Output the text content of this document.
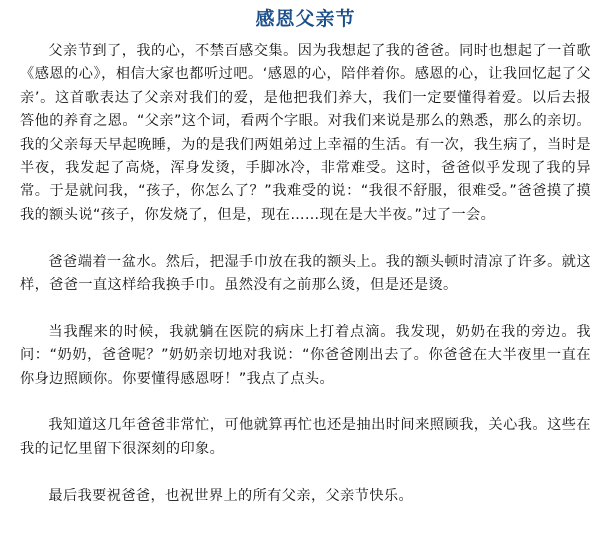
感恩父亲节

父亲节到了，我的心，不禁百感交集。因为我想起了我的爸爸。同时也想起了一首歌《感恩的心》，相信大家也都听过吧。‘感恩的心，陪伴着你。感恩的心，让我回忆起了父亲’。这首歌表达了父亲对我们的爱，是他把我们养大，我们一定要懂得着爱。以后去报答他的养育之恩。“父亲”这个词，看两个字眼。对我们来说是那么的熟悉，那么的亲切。我的父亲每天早起晚睡，为的是我们两姐弟过上幸福的生活。有一次，我生病了，当时是半夜，我发起了高烧，浑身发烫，手脚冰冷，非常难受。这时，爸爸似乎发现了我的异常。于是就问我，“孩子，你怎么了？”我难受的说：“我很不舒服，很难受。”爸爸摸了摸我的额头说“孩子，你发烧了，但是，现在……现在是大半夜。”过了一会。

爸爸端着一盆水。然后，把湿手巾放在我的额头上。我的额头顿时清凉了许多。就这样，爸爸一直这样给我换手巾。虽然没有之前那么烫，但是还是烫。

当我醒来的时候，我就躺在医院的病床上打着点滴。我发现，奶奶在我的旁边。我问：“奶奶，爸爸呢？”奶奶亲切地对我说：“你爸爸刚出去了。你爸爸在大半夜里一直在你身边照顾你。你要懂得感恩呀！”我点了点头。

我知道这几年爸爸非常忙，可他就算再忙也还是抽出时间来照顾我，关心我。这些在我的记忆里留下很深刻的印象。

最后我要祝爸爸，也祝世界上的所有父亲，父亲节快乐。
